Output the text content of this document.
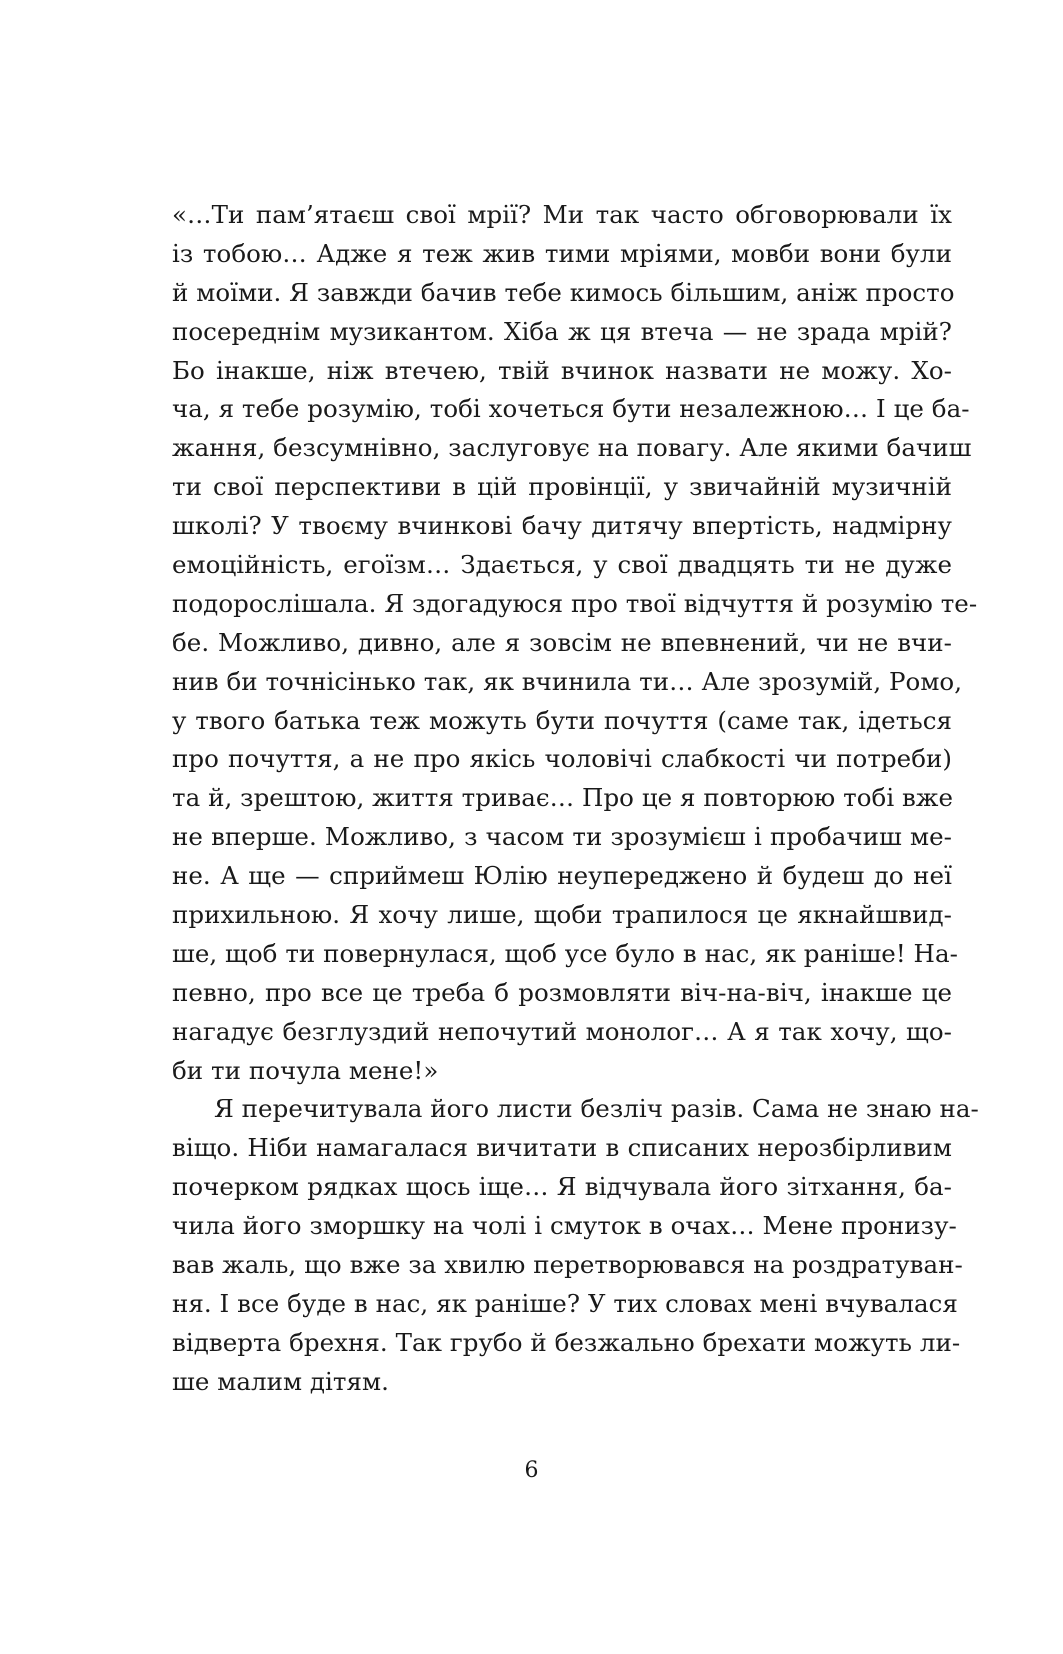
«…Ти пам’ятаєш свої мрії? Ми так часто обговорювали їх
із тобою… Адже я теж жив тими мріями, мовби вони були
й моїми. Я завжди бачив тебе кимось більшим, аніж просто
посереднім музикантом. Хіба ж ця втеча — не зрада мрій?
Бо інакше, ніж втечею, твій вчинок назвати не можу. Хо-
ча, я тебе розумію, тобі хочеться бути незалежною… І це ба-
жання, безсумнівно, заслуговує на повагу. Але якими бачиш
ти свої перспективи в цій провінції, у звичайній музичній
школі? У твоєму вчинкові бачу дитячу впертість, надмірну
емоційність, егоїзм… Здається, у свої двадцять ти не дуже
подорослішала. Я здогадуюся про твої відчуття й розумію те-
бе. Можливо, дивно, але я зовсім не впевнений, чи не вчи-
нив би точнісінько так, як вчинила ти… Але зрозумій, Ромо,
у твого батька теж можуть бути почуття (саме так, ідеться
про почуття, а не про якісь чоловічі слабкості чи потреби)
та й, зрештою, життя триває… Про це я повторюю тобі вже
не вперше. Можливо, з часом ти зрозумієш і пробачиш ме-
не. А ще — сприймеш Юлію неупереджено й будеш до неї
прихильною. Я хочу лише, щоби трапилося це якнайшвид-
ше, щоб ти повернулася, щоб усе було в нас, як раніше! На-
певно, про все це треба б розмовляти віч-на-віч, інакше це
нагадує безглуздий непочутий монолог… А я так хочу, що-
би ти почула мене!»
Я перечитувала його листи безліч разів. Сама не знаю на-
віщо. Ніби намагалася вичитати в списаних нерозбірливим
почерком рядках щось іще… Я відчувала його зітхання, ба-
чила його зморшку на чолі і смуток в очах… Мене пронизу-
вав жаль, що вже за хвилю перетворювався на роздратуван-
ня. І все буде в нас, як раніше? У тих словах мені вчувалася
відверта брехня. Так грубо й безжально брехати можуть ли-
ше малим дітям.
6
